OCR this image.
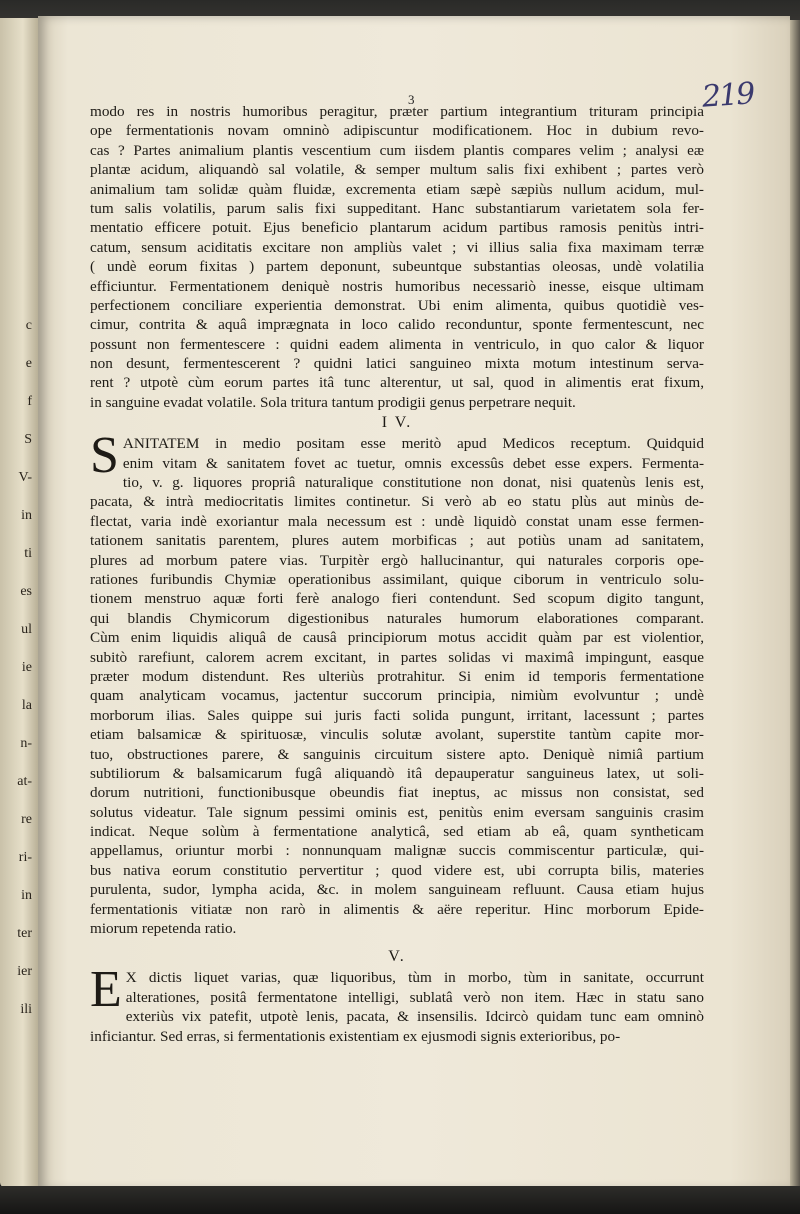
c
e
f
S
V-
in
ti
es
ul
ie
la
n-
at-
re
ri-
in
ter
ier
ili
219
3
modo res in nostris humoribus peragitur, præter partium integrantium trituram principia
ope fermentationis novam omninò adipiscuntur modificationem. Hoc in dubium revo-
cas ? Partes animalium plantis vescentium cum iisdem plantis compares velim ; analysi eæ
plantæ acidum, aliquandò sal volatile, & semper multum salis fixi exhibent ; partes verò
animalium tam solidæ quàm fluidæ, excrementa etiam sæpè sæpiùs nullum acidum, mul-
tum salis volatilis, parum salis fixi suppeditant. Hanc substantiarum varietatem sola fer-
mentatio efficere potuit. Ejus beneficio plantarum acidum partibus ramosis penitùs intri-
catum, sensum aciditatis excitare non ampliùs valet ; vi illius salia fixa maximam terræ
( undè eorum fixitas ) partem deponunt, subeuntque substantias oleosas, undè volatilia
efficiuntur. Fermentationem deniquè nostris humoribus necessariò inesse, eisque ultimam
perfectionem conciliare experientia demonstrat. Ubi enim alimenta, quibus quotidiè ves-
cimur, contrita & aquâ imprægnata in loco calido reconduntur, sponte fermentescunt, nec
possunt non fermentescere : quidni eadem alimenta in ventriculo, in quo calor & liquor
non desunt, fermentescerent ? quidni latici sanguineo mixta motum intestinum serva-
rent ? utpotè cùm eorum partes itâ tunc alterentur, ut sal, quod in alimentis erat fixum,
in sanguine evadat volatile. Sola tritura tantum prodigii genus perpetrare nequit.
I V.
S ANITATEM in medio positam esse meritò apud Medicos receptum. Quidquid
enim vitam & sanitatem fovet ac tuetur, omnis excessûs debet esse expers. Fermenta-
tio, v. g. liquores propriâ naturalique constitutione non donat, nisi quatenùs lenis est,
pacata, & intrà mediocritatis limites continetur. Si verò ab eo statu plùs aut minùs de-
flectat, varia indè exoriantur mala necessum est : undè liquidò constat unam esse fermen-
tationem sanitatis parentem, plures autem morbificas ; aut potiùs unam ad sanitatem,
plures ad morbum patere vias. Turpitèr ergò hallucinantur, qui naturales corporis ope-
rationes furibundis Chymiæ operationibus assimilant, quique ciborum in ventriculo solu-
tionem menstruo aquæ forti ferè analogo fieri contendunt. Sed scopum digito tangunt,
qui blandis Chymicorum digestionibus naturales humorum elaborationes comparant.
Cùm enim liquidis aliquâ de causâ principiorum motus accidit quàm par est violentior,
subitò rarefiunt, calorem acrem excitant, in partes solidas vi maximâ impingunt, easque
præter modum distendunt. Res ulteriùs protrahitur. Si enim id temporis fermentatione
quam analyticam vocamus, jactentur succorum principia, nimiùm evolvuntur ; undè
morborum ilias. Sales quippe sui juris facti solida pungunt, irritant, lacessunt ; partes
etiam balsamicæ & spirituosæ, vinculis solutæ avolant, superstite tantùm capite mor-
tuo, obstructiones parere, & sanguinis circuitum sistere apto. Deniquè nimiâ partium
subtiliorum & balsamicarum fugâ aliquandò itâ depauperatur sanguineus latex, ut soli-
dorum nutritioni, functionibusque obeundis fiat ineptus, ac missus non consistat, sed
solutus videatur. Tale signum pessimi ominis est, penitùs enim eversam sanguinis crasim
indicat. Neque solùm à fermentatione analyticâ, sed etiam ab eâ, quam syntheticam
appellamus, oriuntur morbi : nonnunquam malignæ succis commiscentur particulæ, qui-
bus nativa eorum constitutio pervertitur ; quod videre est, ubi corrupta bilis, materies
purulenta, sudor, lympha acida, &c. in molem sanguineam refluunt. Causa etiam hujus
fermentationis vitiatæ non rarò in alimentis & aëre reperitur. Hinc morborum Epide-
miorum repetenda ratio.
V.
E X dictis liquet varias, quæ liquoribus, tùm in morbo, tùm in sanitate, occurrunt
alterationes, positâ fermentatone intelligi, sublatâ verò non item. Hæc in statu sano
exteriùs vix patefit, utpotè lenis, pacata, & insensilis. Idcircò quidam tunc eam omninò
inficiantur. Sed erras, si fermentationis existentiam ex ejusmodi signis exterioribus, po-
